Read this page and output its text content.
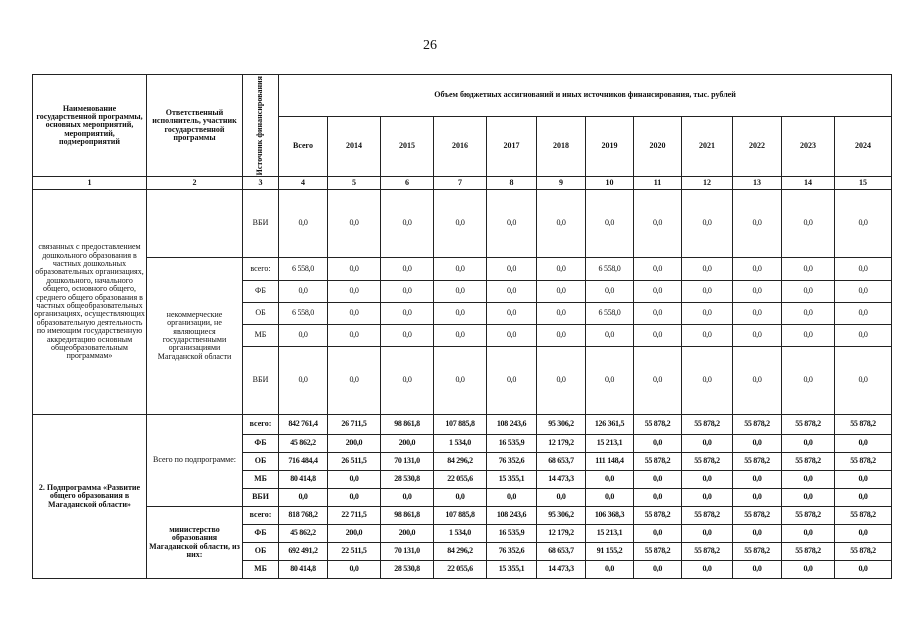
26
Наименование государственной программы, основных мероприятий, мероприятий, подмероприятий	Ответственный исполнитель, участник государственной программы	Источник финансирования	Объем бюджетных ассигнований и иных источников финансирования, тыс. рублей											
			Всего	2014	2015	2016	2017	2018	2019	2020	2021	2022	2023	2024
1	2	3	4	5	6	7	8	9	10	11	12	13	14	15
связанных с предоставлением дошкольного образования в частных дошкольных образовательных организациях, дошкольного, начального общего, основного общего, среднего общего образования в частных общеобразовательных организациях, осуществляющих образовательную деятельность по имеющим государственную аккредитацию основным общеобразовательным программам»		ВБИ	0,0	0,0	0,0	0,0	0,0	0,0	0,0	0,0	0,0	0,0	0,0	0,0
	некоммерческие организации, не являющиеся государственными организациями Магаданской области	всего:	6 558,0	0,0	0,0	0,0	0,0	0,0	6 558,0	0,0	0,0	0,0	0,0	0,0
		ФБ	0,0	0,0	0,0	0,0	0,0	0,0	0,0	0,0	0,0	0,0	0,0	0,0
		ОБ	6 558,0	0,0	0,0	0,0	0,0	0,0	6 558,0	0,0	0,0	0,0	0,0	0,0
		МБ	0,0	0,0	0,0	0,0	0,0	0,0	0,0	0,0	0,0	0,0	0,0	0,0
		ВБИ	0,0	0,0	0,0	0,0	0,0	0,0	0,0	0,0	0,0	0,0	0,0	0,0
2. Подпрограмма «Развитие общего образования в Магаданской области»	Всего по подпрограмме:	всего:	842 761,4	26 711,5	98 861,8	107 885,8	108 243,6	95 306,2	126 361,5	55 878,2	55 878,2	55 878,2	55 878,2	55 878,2
		ФБ	45 862,2	200,0	200,0	1 534,0	16 535,9	12 179,2	15 213,1	0,0	0,0	0,0	0,0	0,0
		ОБ	716 484,4	26 511,5	70 131,0	84 296,2	76 352,6	68 653,7	111 148,4	55 878,2	55 878,2	55 878,2	55 878,2	55 878,2
		МБ	80 414,8	0,0	28 530,8	22 055,6	15 355,1	14 473,3	0,0	0,0	0,0	0,0	0,0	0,0
		ВБИ	0,0	0,0	0,0	0,0	0,0	0,0	0,0	0,0	0,0	0,0	0,0	0,0
	министерство образования Магаданской области, из них:	всего:	818 768,2	22 711,5	98 861,8	107 885,8	108 243,6	95 306,2	106 368,3	55 878,2	55 878,2	55 878,2	55 878,2	55 878,2
		ФБ	45 862,2	200,0	200,0	1 534,0	16 535,9	12 179,2	15 213,1	0,0	0,0	0,0	0,0	0,0
		ОБ	692 491,2	22 511,5	70 131,0	84 296,2	76 352,6	68 653,7	91 155,2	55 878,2	55 878,2	55 878,2	55 878,2	55 878,2
		МБ	80 414,8	0,0	28 530,8	22 055,6	15 355,1	14 473,3	0,0	0,0	0,0	0,0	0,0	0,0
